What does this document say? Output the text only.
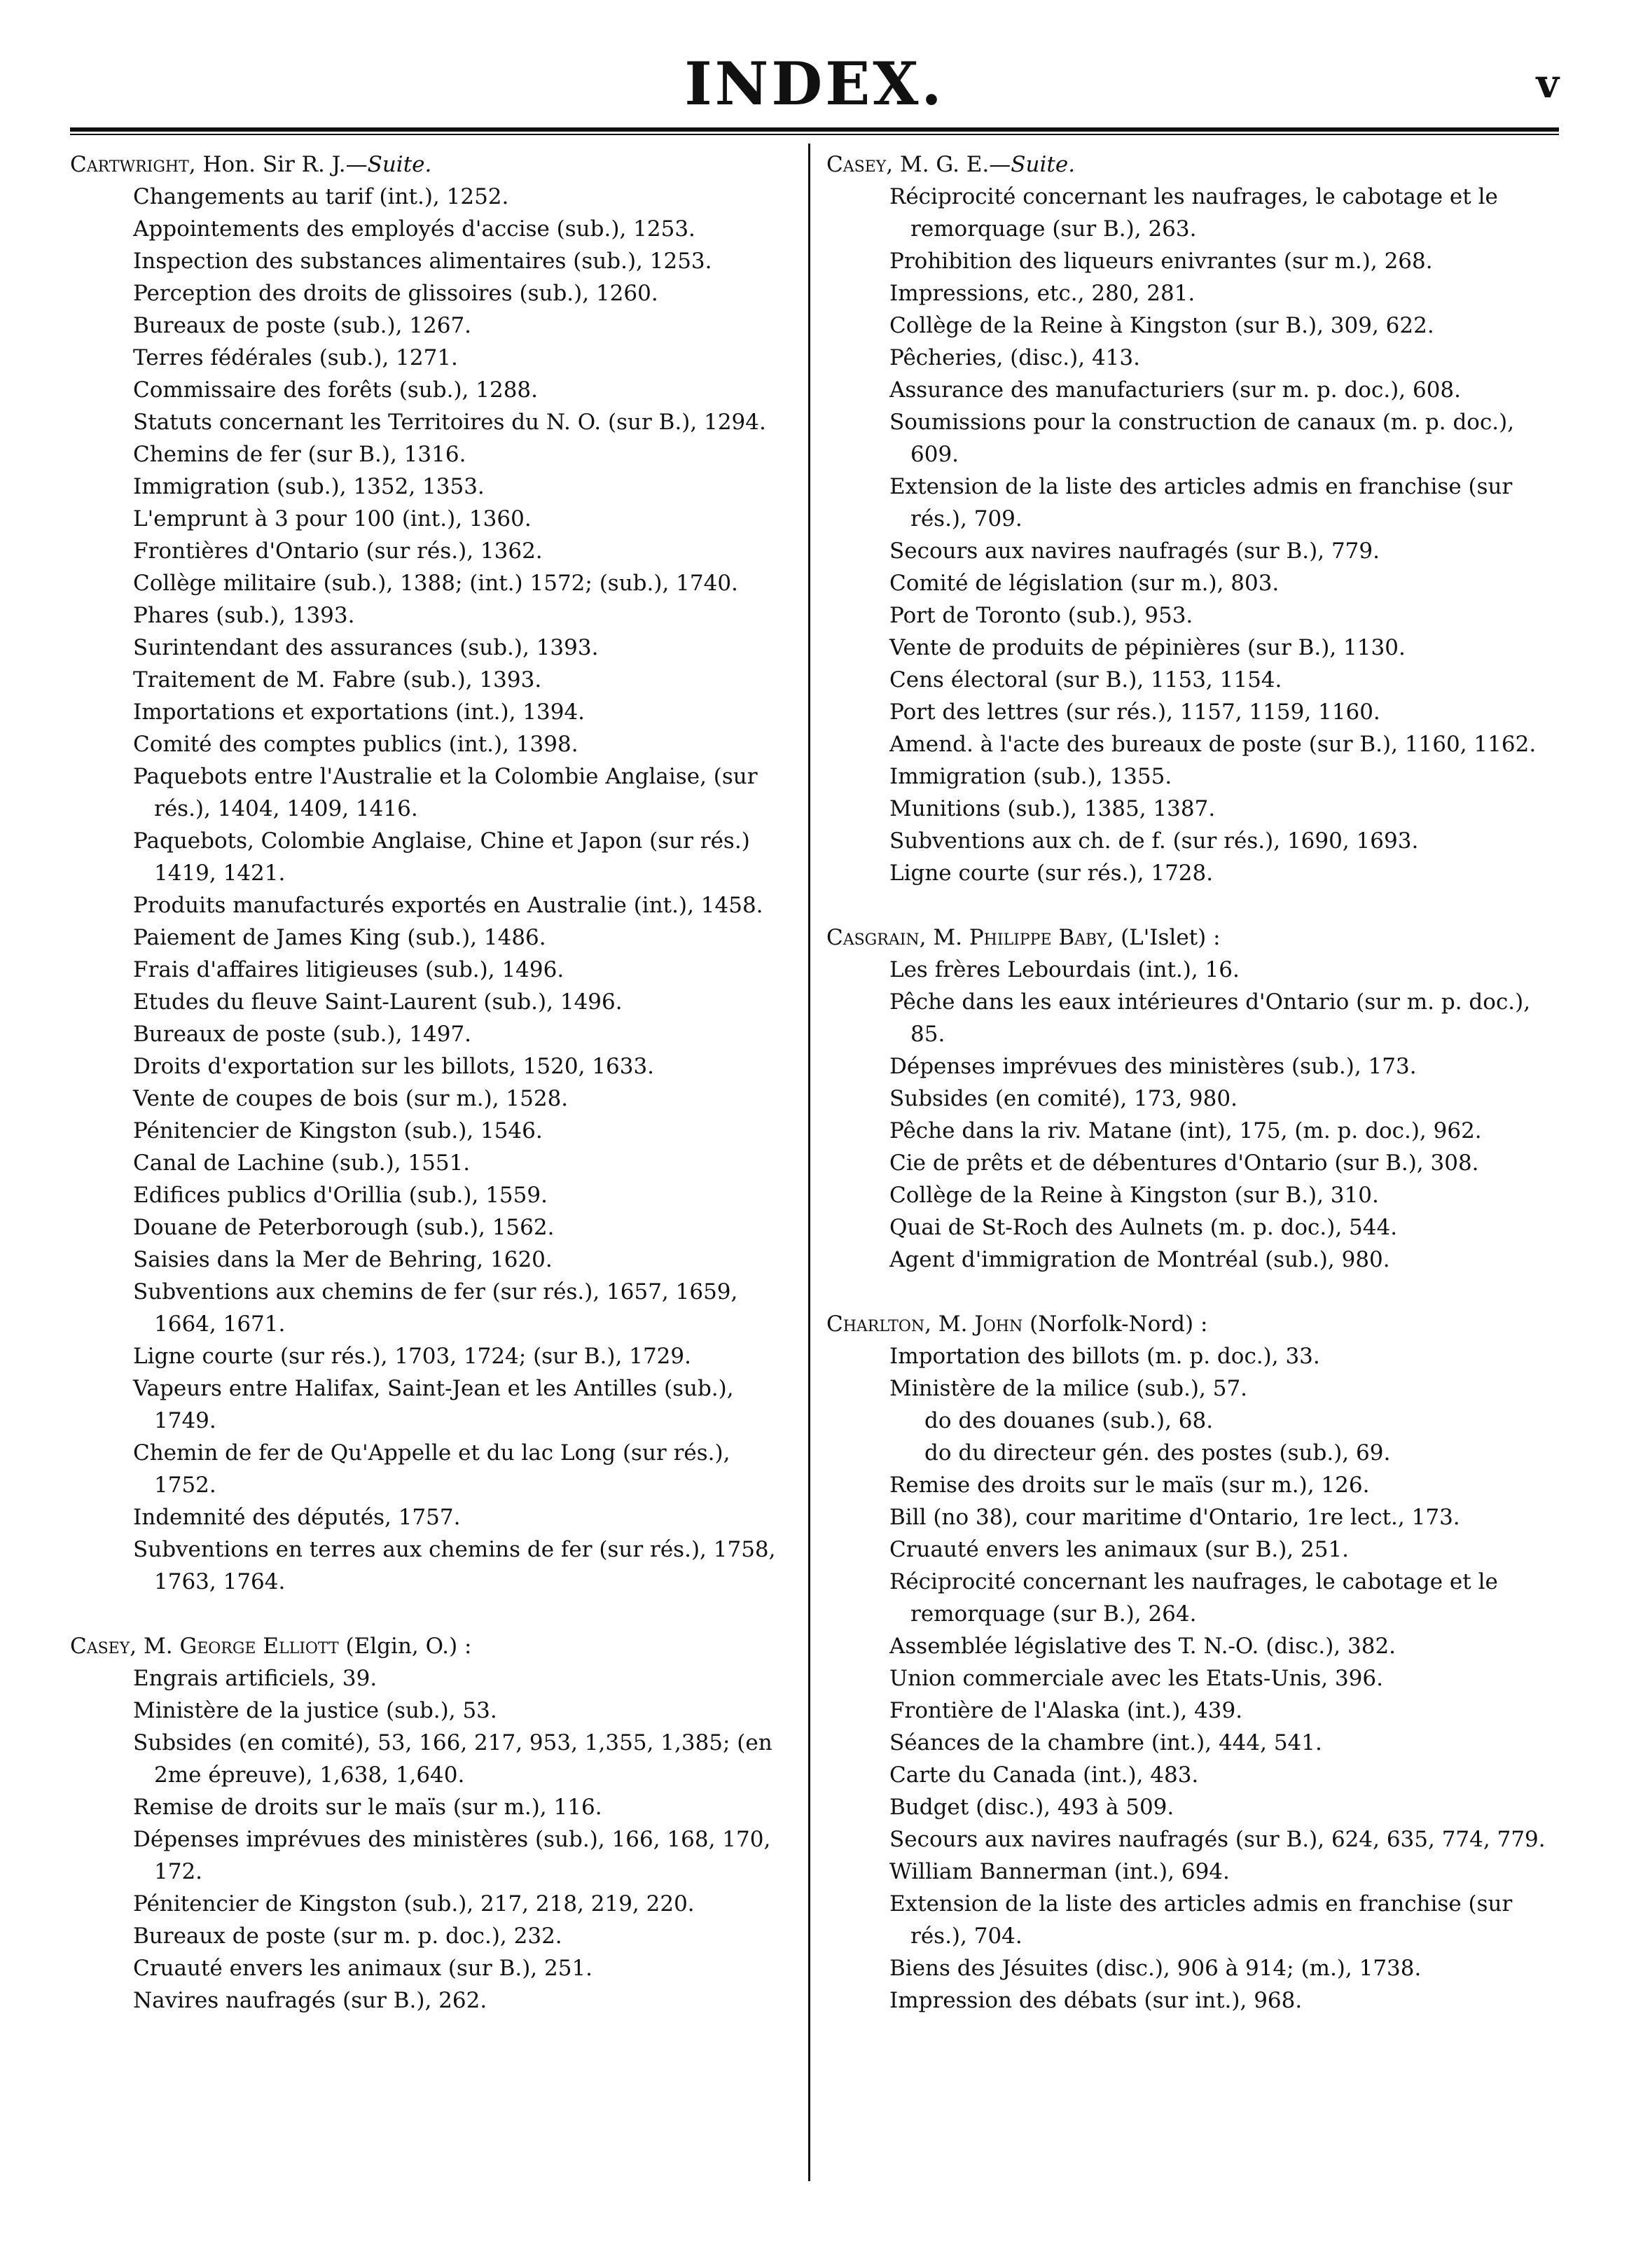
INDEX.	v
Cartwright, Hon. Sir R. J.—Suite.
Changements au tarif (int.), 1252.
Appointements des employés d'accise (sub.), 1253.
Inspection des substances alimentaires (sub.), 1253.
Perception des droits de glissoires (sub.), 1260.
Bureaux de poste (sub.), 1267.
Terres fédérales (sub.), 1271.
Commissaire des forêts (sub.), 1288.
Statuts concernant les Territoires du N. O. (sur B.), 1294.
Chemins de fer (sur B.), 1316.
Immigration (sub.), 1352, 1353.
L'emprunt à 3 pour 100 (int.), 1360.
Frontières d'Ontario (sur rés.), 1362.
Collège militaire (sub.), 1388; (int.) 1572; (sub.), 1740.
Phares (sub.), 1393.
Surintendant des assurances (sub.), 1393.
Traitement de M. Fabre (sub.), 1393.
Importations et exportations (int.), 1394.
Comité des comptes publics (int.), 1398.
Paquebots entre l'Australie et la Colombie Anglaise, (sur rés.), 1404, 1409, 1416.
Paquebots, Colombie Anglaise, Chine et Japon (sur rés.) 1419, 1421.
Produits manufacturés exportés en Australie (int.), 1458.
Paiement de James King (sub.), 1486.
Frais d'affaires litigieuses (sub.), 1496.
Etudes du fleuve Saint-Laurent (sub.), 1496.
Bureaux de poste (sub.), 1497.
Droits d'exportation sur les billots, 1520, 1633.
Vente de coupes de bois (sur m.), 1528.
Pénitencier de Kingston (sub.), 1546.
Canal de Lachine (sub.), 1551.
Edifices publics d'Orillia (sub.), 1559.
Douane de Peterborough (sub.), 1562.
Saisies dans la Mer de Behring, 1620.
Subventions aux chemins de fer (sur rés.), 1657, 1659, 1664, 1671.
Ligne courte (sur rés.), 1703, 1724; (sur B.), 1729.
Vapeurs entre Halifax, Saint-Jean et les Antilles (sub.), 1749.
Chemin de fer de Qu'Appelle et du lac Long (sur rés.), 1752.
Indemnité des députés, 1757.
Subventions en terres aux chemins de fer (sur rés.), 1758, 1763, 1764.
Casey, M. George Elliott (Elgin, O.) :
Engrais artificiels, 39.
Ministère de la justice (sub.), 53.
Subsides (en comité), 53, 166, 217, 953, 1,355, 1,385; (en 2me épreuve), 1,638, 1,640.
Remise de droits sur le maïs (sur m.), 116.
Dépenses imprévues des ministères (sub.), 166, 168, 170, 172.
Pénitencier de Kingston (sub.), 217, 218, 219, 220.
Bureaux de poste (sur m. p. doc.), 232.
Cruauté envers les animaux (sur B.), 251.
Navires naufragés (sur B.), 262.
Casey, M. G. E.—Suite.
Réciprocité concernant les naufrages, le cabotage et le remorquage (sur B.), 263.
Prohibition des liqueurs enivrantes (sur m.), 268.
Impressions, etc., 280, 281.
Collège de la Reine à Kingston (sur B.), 309, 622.
Pêcheries, (disc.), 413.
Assurance des manufacturiers (sur m. p. doc.), 608.
Soumissions pour la construction de canaux (m. p. doc.), 609.
Extension de la liste des articles admis en franchise (sur rés.), 709.
Secours aux navires naufragés (sur B.), 779.
Comité de législation (sur m.), 803.
Port de Toronto (sub.), 953.
Vente de produits de pépinières (sur B.), 1130.
Cens électoral (sur B.), 1153, 1154.
Port des lettres (sur rés.), 1157, 1159, 1160.
Amend. à l'acte des bureaux de poste (sur B.), 1160, 1162.
Immigration (sub.), 1355.
Munitions (sub.), 1385, 1387.
Subventions aux ch. de f. (sur rés.), 1690, 1693.
Ligne courte (sur rés.), 1728.
Casgrain, M. Philippe Baby, (L'Islet) :
Les frères Lebourdais (int.), 16.
Pêche dans les eaux intérieures d'Ontario (sur m. p. doc.), 85.
Dépenses imprévues des ministères (sub.), 173.
Subsides (en comité), 173, 980.
Pêche dans la riv. Matane (int), 175, (m. p. doc.), 962.
Cie de prêts et de débentures d'Ontario (sur B.), 308.
Collège de la Reine à Kingston (sur B.), 310.
Quai de St-Roch des Aulnets (m. p. doc.), 544.
Agent d'immigration de Montréal (sub.), 980.
Charlton, M. John (Norfolk-Nord) :
Importation des billots (m. p. doc.), 33.
Ministère de la milice (sub.), 57.
do des douanes (sub.), 68.
do du directeur gén. des postes (sub.), 69.
Remise des droits sur le maïs (sur m.), 126.
Bill (no 38), cour maritime d'Ontario, 1re lect., 173.
Cruauté envers les animaux (sur B.), 251.
Réciprocité concernant les naufrages, le cabotage et le remorquage (sur B.), 264.
Assemblée législative des T. N.-O. (disc.), 382.
Union commerciale avec les Etats-Unis, 396.
Frontière de l'Alaska (int.), 439.
Séances de la chambre (int.), 444, 541.
Carte du Canada (int.), 483.
Budget (disc.), 493 à 509.
Secours aux navires naufragés (sur B.), 624, 635, 774, 779.
William Bannerman (int.), 694.
Extension de la liste des articles admis en franchise (sur rés.), 704.
Biens des Jésuites (disc.), 906 à 914; (m.), 1738.
Impression des débats (sur int.), 968.
